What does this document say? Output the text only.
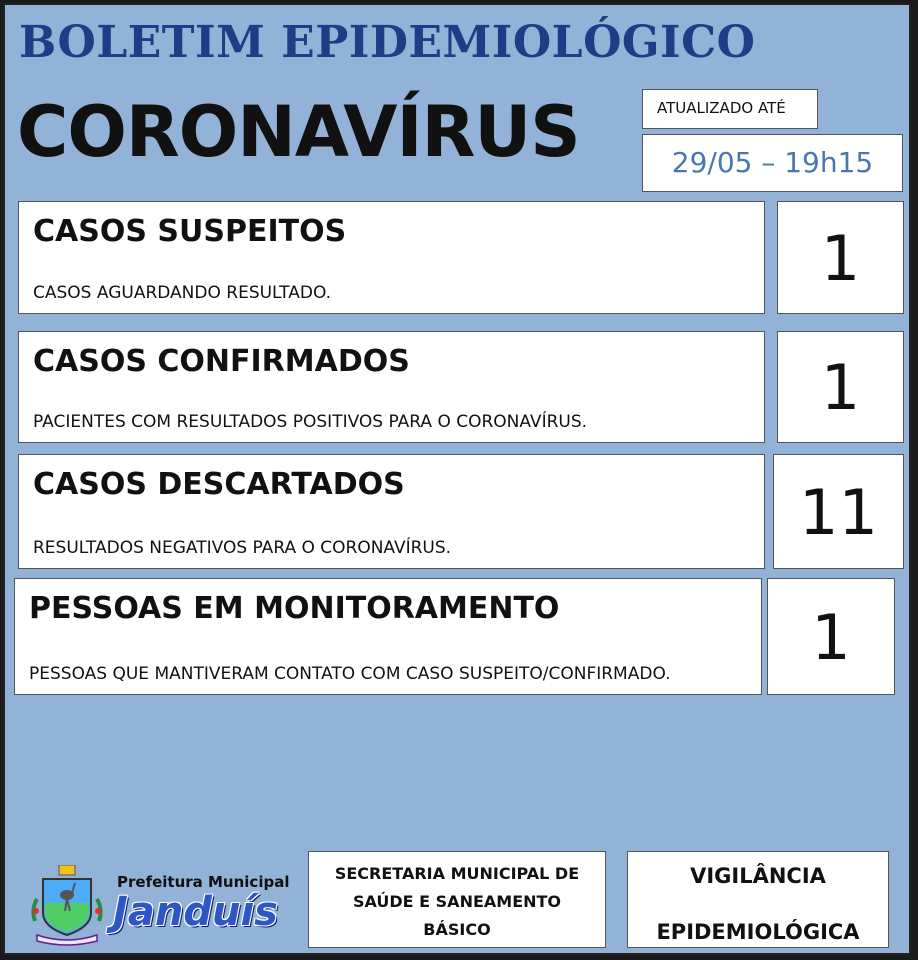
BOLETIM EPIDEMIOLÓGICO
CORONAVÍRUS	ATUALIZADO ATÉ
29/05 – 19h15
CASOS SUSPEITOS
CASOS AGUARDANDO RESULTADO.	1
CASOS CONFIRMADOS
PACIENTES COM RESULTADOS POSITIVOS PARA O CORONAVÍRUS.	1
CASOS DESCARTADOS
RESULTADOS NEGATIVOS PARA O CORONAVÍRUS.	11
PESSOAS EM MONITORAMENTO
PESSOAS QUE MANTIVERAM CONTATO COM CASO SUSPEITO/CONFIRMADO.	1
Prefeitura Municipal
Janduís
SECRETARIA MUNICIPAL DE
SAÚDE E SANEAMENTO
BÁSICO
VIGILÂNCIA
EPIDEMIOLÓGICA
